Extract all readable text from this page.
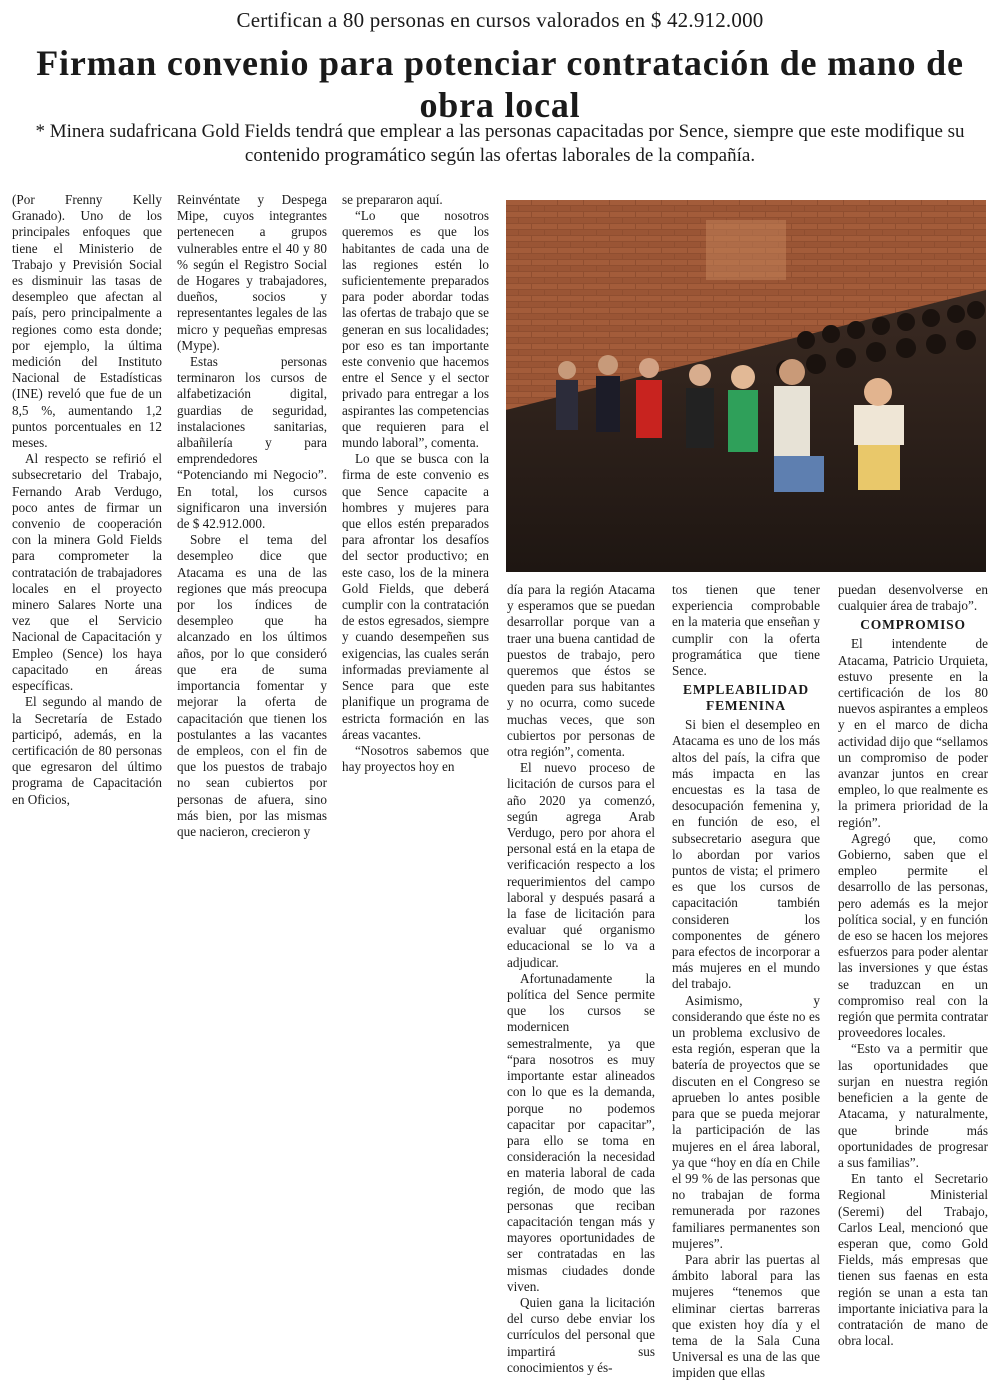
Certifican a 80 personas en cursos valorados en $ 42.912.000
Firman convenio para potenciar contratación de mano de obra local
* Minera sudafricana Gold Fields tendrá que emplear a las personas capacitadas por Sence, siempre que este modifique su contenido programático según las ofertas laborales de la compañía.

(Por Frenny Kelly Granado). Uno de los principales enfoques que tiene el Ministerio de Trabajo y Previsión Social es disminuir las tasas de desempleo que afectan al país, pero principalmente a regiones como esta donde; por ejemplo, la última medición del Instituto Nacional de Estadísticas (INE) reveló que fue de un 8,5 %, aumentando 1,2 puntos porcentuales en 12 meses.

Al respecto se refirió el subsecretario del Trabajo, Fernando Arab Verdugo, poco antes de firmar un convenio de cooperación con la minera Gold Fields para comprometer la contratación de trabajadores locales en el proyecto minero Salares Norte una vez que el Servicio Nacional de Capacitación y Empleo (Sence) los haya capacitado en áreas específicas.

El segundo al mando de la Secretaría de Estado participó, además, en la certificación de 80 personas que egresaron del último programa de Capacitación en Oficios,

Reinvéntate y Despega Mipe, cuyos integrantes pertenecen a grupos vulnerables entre el 40 y 80 % según el Registro Social de Hogares y trabajadores, dueños, socios y representantes legales de las micro y pequeñas empresas (Mype).

Estas personas terminaron los cursos de alfabetización digital, guardias de seguridad, instalaciones sanitarias, albañilería y para emprendedores “Potenciando mi Negocio”. En total, los cursos significaron una inversión de $ 42.912.000.

Sobre el tema del desempleo dice que Atacama es una de las regiones que más preocupa por los índices de desempleo que ha alcanzado en los últimos años, por lo que consideró que era de suma importancia fomentar y mejorar la oferta de capacitación que tienen los postulantes a las vacantes de empleos, con el fin de que los puestos de trabajo no sean cubiertos por personas de afuera, sino más bien, por las mismas que nacieron, crecieron y

se prepararon aquí.

“Lo que nosotros queremos es que los habitantes de cada una de las regiones estén lo suficientemente preparados para poder abordar todas las ofertas de trabajo que se generan en sus localidades; por eso es tan importante este convenio que hacemos entre el Sence y el sector privado para entregar a los aspirantes las competencias que requieren para el mundo laboral”, comenta.

Lo que se busca con la firma de este convenio es que Sence capacite a hombres y mujeres para que ellos estén preparados para afrontar los desafíos del sector productivo; en este caso, los de la minera Gold Fields, que deberá cumplir con la contratación de estos egresados, siempre y cuando desempeñen sus exigencias, las cuales serán informadas previamente al Sence para que este planifique un programa de estricta formación en las áreas vacantes.

“Nosotros sabemos que hay proyectos hoy en

día para la región Atacama y esperamos que se puedan desarrollar porque van a traer una buena cantidad de puestos de trabajo, pero queremos que éstos se queden para sus habitantes y no ocurra, como sucede muchas veces, que son cubiertos por personas de otra región”, comenta.

El nuevo proceso de licitación de cursos para el año 2020 ya comenzó, según agrega Arab Verdugo, pero por ahora el personal está en la etapa de verificación respecto a los requerimientos del campo laboral y después pasará a la fase de licitación para evaluar qué organismo educacional se lo va a adjudicar.

Afortunadamente la política del Sence permite que los cursos se modernicen semestralmente, ya que “para nosotros es muy importante estar alineados con lo que es la demanda, porque no podemos capacitar por capacitar”, para ello se toma en consideración la necesidad en materia laboral de cada región, de modo que las personas que reciban capacitación tengan más y mayores oportunidades de ser contratadas en las mismas ciudades donde viven.

Quien gana la licitación del curso debe enviar los currículos del personal que impartirá sus conocimientos y és-

tos tienen que tener experiencia comprobable en la materia que enseñan y cumplir con la oferta programática que tiene Sence.

EMPLEABILIDAD FEMENINA

Si bien el desempleo en Atacama es uno de los más altos del país, la cifra que más impacta en las encuestas es la tasa de desocupación femenina y, en función de eso, el subsecretario asegura que lo abordan por varios puntos de vista; el primero es que los cursos de capacitación también consideren los componentes de género para efectos de incorporar a más mujeres en el mundo del trabajo.

Asimismo, y considerando que éste no es un problema exclusivo de esta región, esperan que la batería de proyectos que se discuten en el Congreso se aprueben lo antes posible para que se pueda mejorar la participación de las mujeres en el área laboral, ya que “hoy en día en Chile el 99 % de las personas que no trabajan de forma remunerada por razones familiares permanentes son mujeres”.

Para abrir las puertas al ámbito laboral para las mujeres “tenemos que eliminar ciertas barreras que existen hoy día y el tema de la Sala Cuna Universal es una de las que impiden que ellas

puedan desenvolverse en cualquier área de trabajo”.

COMPROMISO

El intendente de Atacama, Patricio Urquieta, estuvo presente en la certificación de los 80 nuevos aspirantes a empleos y en el marco de dicha actividad dijo que “sellamos un compromiso de poder avanzar juntos en crear empleo, lo que realmente es la primera prioridad de la región”.

Agregó que, como Gobierno, saben que el empleo permite el desarrollo de las personas, pero además es la mejor política social, y en función de eso se hacen los mejores esfuerzos para poder alentar las inversiones y que éstas se traduzcan en un compromiso real con la región que permita contratar proveedores locales.

“Esto va a permitir que las oportunidades que surjan en nuestra región beneficien a la gente de Atacama, y naturalmente, que brinde más oportunidades de progresar a sus familias”.

En tanto el Secretario Regional Ministerial (Seremi) del Trabajo, Carlos Leal, mencionó que esperan que, como Gold Fields, más empresas que tienen sus faenas en esta región se unan a esta tan importante iniciativa para la contratación de mano de obra local.
